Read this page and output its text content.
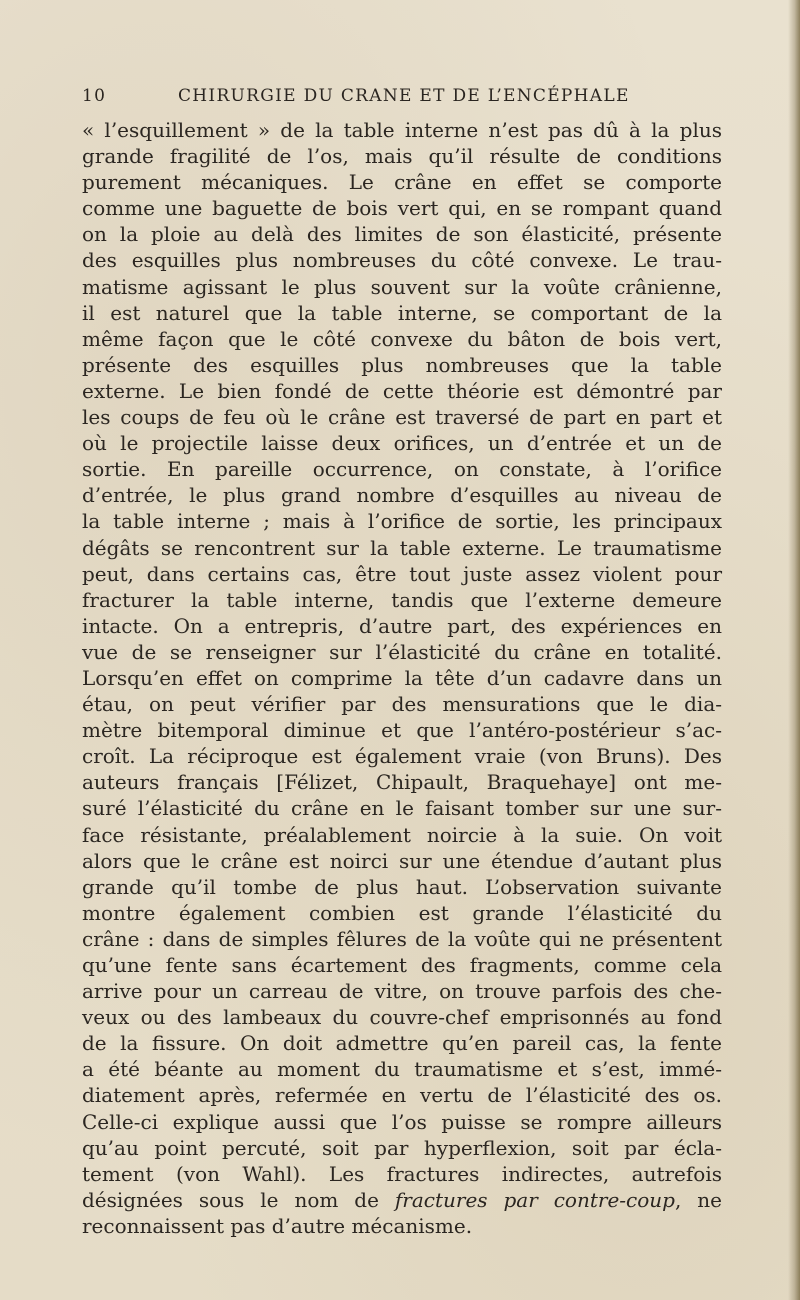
10	CHIRURGIE DU CRANE ET DE L’ENCÉPHALE
« l’esquillement » de la table interne n’est pas dû à la plus
grande fragilité de l’os, mais qu’il résulte de conditions
purement mécaniques. Le crâne en effet se comporte
comme une baguette de bois vert qui, en se rompant quand
on la ploie au delà des limites de son élasticité, présente
des esquilles plus nombreuses du côté convexe. Le trau-
matisme agissant le plus souvent sur la voûte crânienne,
il est naturel que la table interne, se comportant de la
même façon que le côté convexe du bâton de bois vert,
présente des esquilles plus nombreuses que la table
externe. Le bien fondé de cette théorie est démontré par
les coups de feu où le crâne est traversé de part en part et
où le projectile laisse deux orifices, un d’entrée et un de
sortie. En pareille occurrence, on constate, à l’orifice
d’entrée, le plus grand nombre d’esquilles au niveau de
la table interne ; mais à l’orifice de sortie, les principaux
dégâts se rencontrent sur la table externe. Le traumatisme
peut, dans certains cas, être tout juste assez violent pour
fracturer la table interne, tandis que l’externe demeure
intacte. On a entrepris, d’autre part, des expériences en
vue de se renseigner sur l’élasticité du crâne en totalité.
Lorsqu’en effet on comprime la tête d’un cadavre dans un
étau, on peut vérifier par des mensurations que le dia-
mètre bitemporal diminue et que l’antéro-postérieur s’ac-
croît. La réciproque est également vraie (von Bruns). Des
auteurs français [Félizet, Chipault, Braquehaye] ont me-
suré l’élasticité du crâne en le faisant tomber sur une sur-
face résistante, préalablement noircie à la suie. On voit
alors que le crâne est noirci sur une étendue d’autant plus
grande qu’il tombe de plus haut. L’observation suivante
montre également combien est grande l’élasticité du
crâne : dans de simples fêlures de la voûte qui ne présentent
qu’une fente sans écartement des fragments, comme cela
arrive pour un carreau de vitre, on trouve parfois des che-
veux ou des lambeaux du couvre-chef emprisonnés au fond
de la fissure. On doit admettre qu’en pareil cas, la fente
a été béante au moment du traumatisme et s’est, immé-
diatement après, refermée en vertu de l’élasticité des os.
Celle-ci explique aussi que l’os puisse se rompre ailleurs
qu’au point percuté, soit par hyperflexion, soit par écla-
tement (von Wahl). Les fractures indirectes, autrefois
désignées sous le nom de fractures par contre-coup, ne
reconnaissent pas d’autre mécanisme.
